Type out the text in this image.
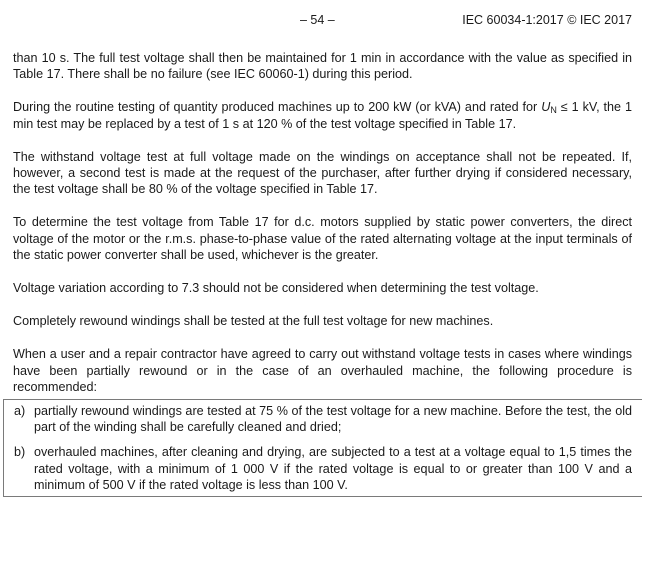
– 54 –	IEC 60034-1:2017 © IEC 2017

than 10 s. The full test voltage shall then be maintained for 1 min in accordance with the value as specified in Table 17. There shall be no failure (see IEC 60060-1) during this period.

During the routine testing of quantity produced machines up to 200 kW (or kVA) and rated for $U_N \le 1$ kV, the 1 min test may be replaced by a test of 1 s at 120 % of the test voltage specified in Table 17.

The withstand voltage test at full voltage made on the windings on acceptance shall not be repeated. If, however, a second test is made at the request of the purchaser, after further drying if considered necessary, the test voltage shall be 80 % of the voltage specified in Table 17.

To determine the test voltage from Table 17 for d.c. motors supplied by static power converters, the direct voltage of the motor or the r.m.s. phase-to-phase value of the rated alternating voltage at the input terminals of the static power converter shall be used, whichever is the greater.

Voltage variation according to 7.3 should not be considered when determining the test voltage.

Completely rewound windings shall be tested at the full test voltage for new machines.

When a user and a repair contractor have agreed to carry out withstand voltage tests in cases where windings have been partially rewound or in the case of an overhauled machine, the following procedure is recommended:

a) partially rewound windings are tested at 75 % of the test voltage for a new machine. Before the test, the old part of the winding shall be carefully cleaned and dried;
b) overhauled machines, after cleaning and drying, are subjected to a test at a voltage equal to 1,5 times the rated voltage, with a minimum of 1 000 V if the rated voltage is equal to or greater than 100 V and a minimum of 500 V if the rated voltage is less than 100 V.
